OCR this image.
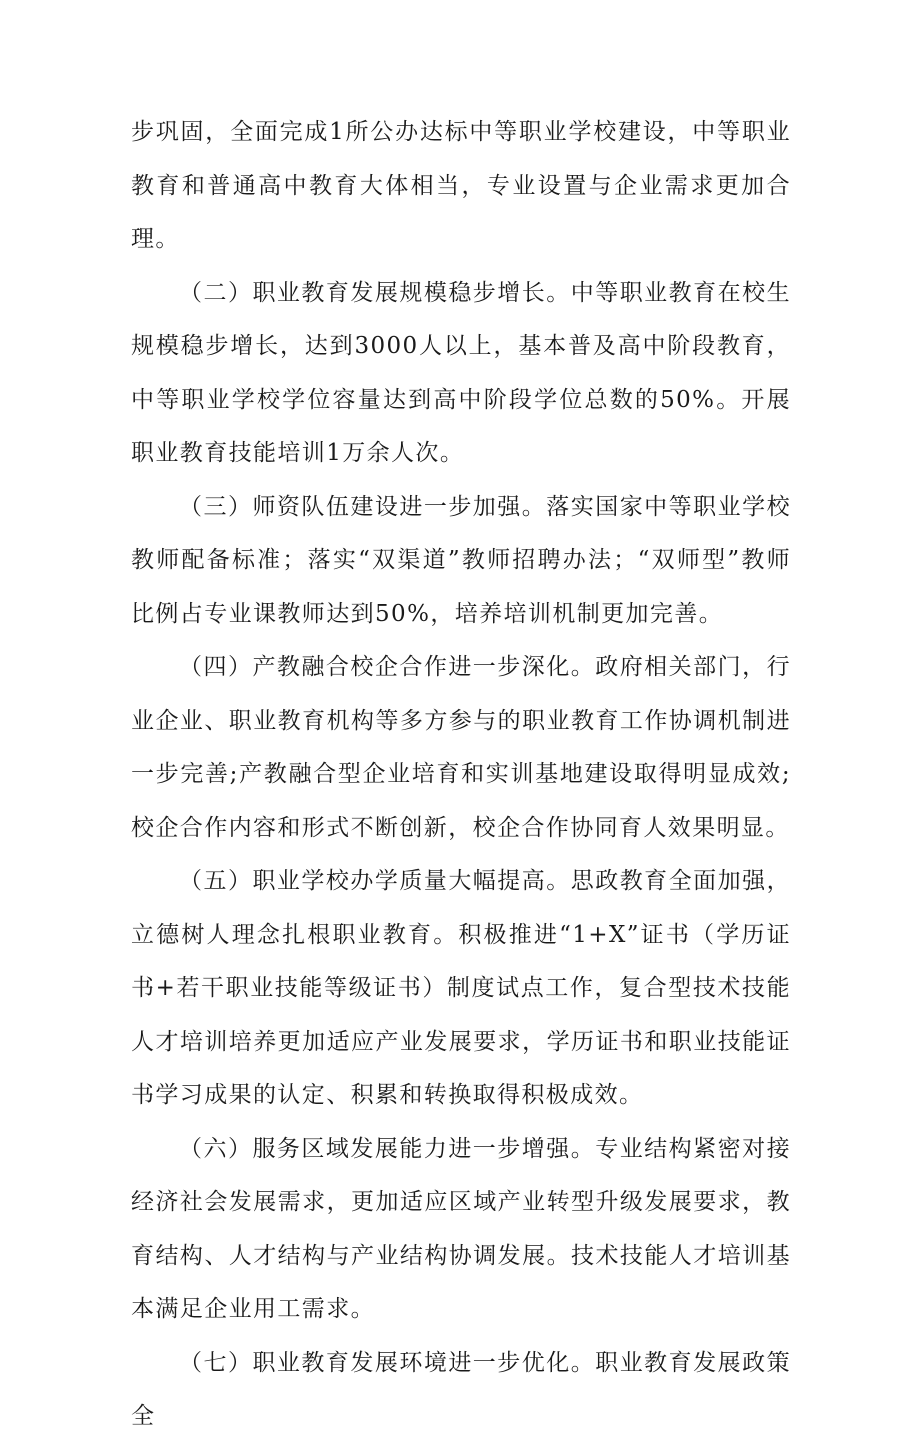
步巩固，全面完成1所公办达标中等职业学校建设，中等职业教育和普通高中教育大体相当，专业设置与企业需求更加合理。

（二）职业教育发展规模稳步增长。中等职业教育在校生规模稳步增长，达到3000人以上，基本普及高中阶段教育，中等职业学校学位容量达到高中阶段学位总数的50%。开展职业教育技能培训1万余人次。

（三）师资队伍建设进一步加强。落实国家中等职业学校教师配备标准；落实“双渠道”教师招聘办法；“双师型”教师比例占专业课教师达到50%，培养培训机制更加完善。

（四）产教融合校企合作进一步深化。政府相关部门，行业企业、职业教育机构等多方参与的职业教育工作协调机制进一步完善;产教融合型企业培育和实训基地建设取得明显成效;校企合作内容和形式不断创新，校企合作协同育人效果明显。

（五）职业学校办学质量大幅提高。思政教育全面加强，立德树人理念扎根职业教育。积极推进“1+X”证书（学历证书+若干职业技能等级证书）制度试点工作，复合型技术技能人才培训培养更加适应产业发展要求，学历证书和职业技能证书学习成果的认定、积累和转换取得积极成效。

（六）服务区域发展能力进一步增强。专业结构紧密对接经济社会发展需求，更加适应区域产业转型升级发展要求，教育结构、人才结构与产业结构协调发展。技术技能人才培训基本满足企业用工需求。

（七）职业教育发展环境进一步优化。职业教育发展政策全
